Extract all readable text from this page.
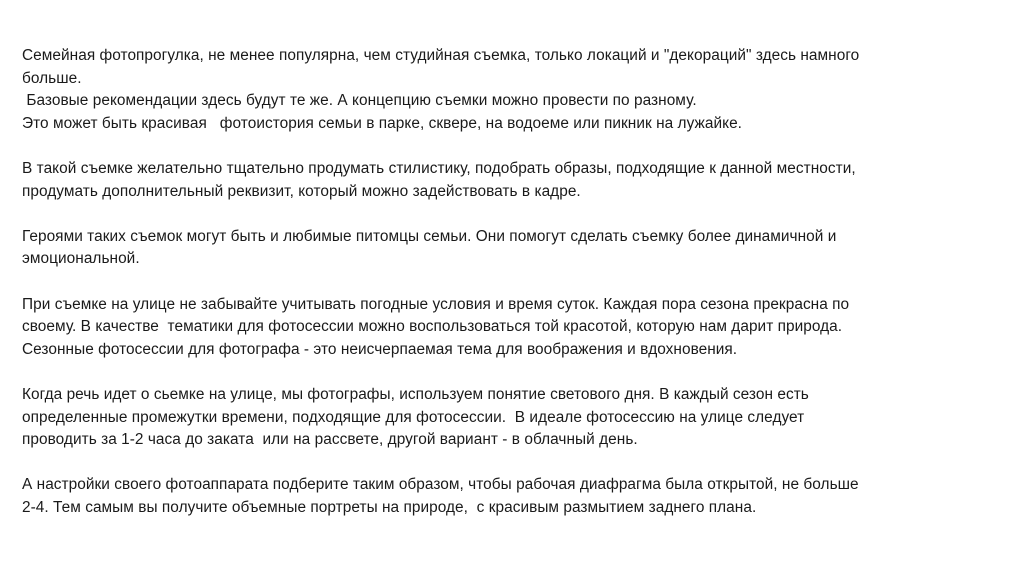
Семейная фотопрогулка, не менее популярна, чем студийная съемка, только локаций и "декораций" здесь намного
больше.
Базовые рекомендации здесь будут те же. А концепцию съемки можно провести по разному.
Это может быть красивая   фотоистория семьи в парке, сквере, на водоеме или пикник на лужайке.
В такой съемке желательно тщательно продумать стилистику, подобрать образы, подходящие к данной местности,
продумать дополнительный реквизит, который можно задействовать в кадре.
Героями таких съемок могут быть и любимые питомцы семьи. Они помогут сделать съемку более динамичной и
эмоциональной.
При съемке на улице не забывайте учитывать погодные условия и время суток. Каждая пора сезона прекрасна по
своему. В качестве  тематики для фотосессии можно воспользоваться той красотой, которую нам дарит природа.
Сезонные фотосессии для фотографа - это неисчерпаемая тема для воображения и вдохновения.
Когда речь идет о сьемке на улице, мы фотографы, используем понятие светового дня. В каждый сезон есть
определенные промежутки времени, подходящие для фотосессии.  В идеале фотосессию на улице следует
проводить за 1-2 часа до заката  или на рассвете, другой вариант - в облачный день.
А настройки своего фотоаппарата подберите таким образом, чтобы рабочая диафрагма была открытой, не больше
2-4. Тем самым вы получите объемные портреты на природе,  с красивым размытием заднего плана.
